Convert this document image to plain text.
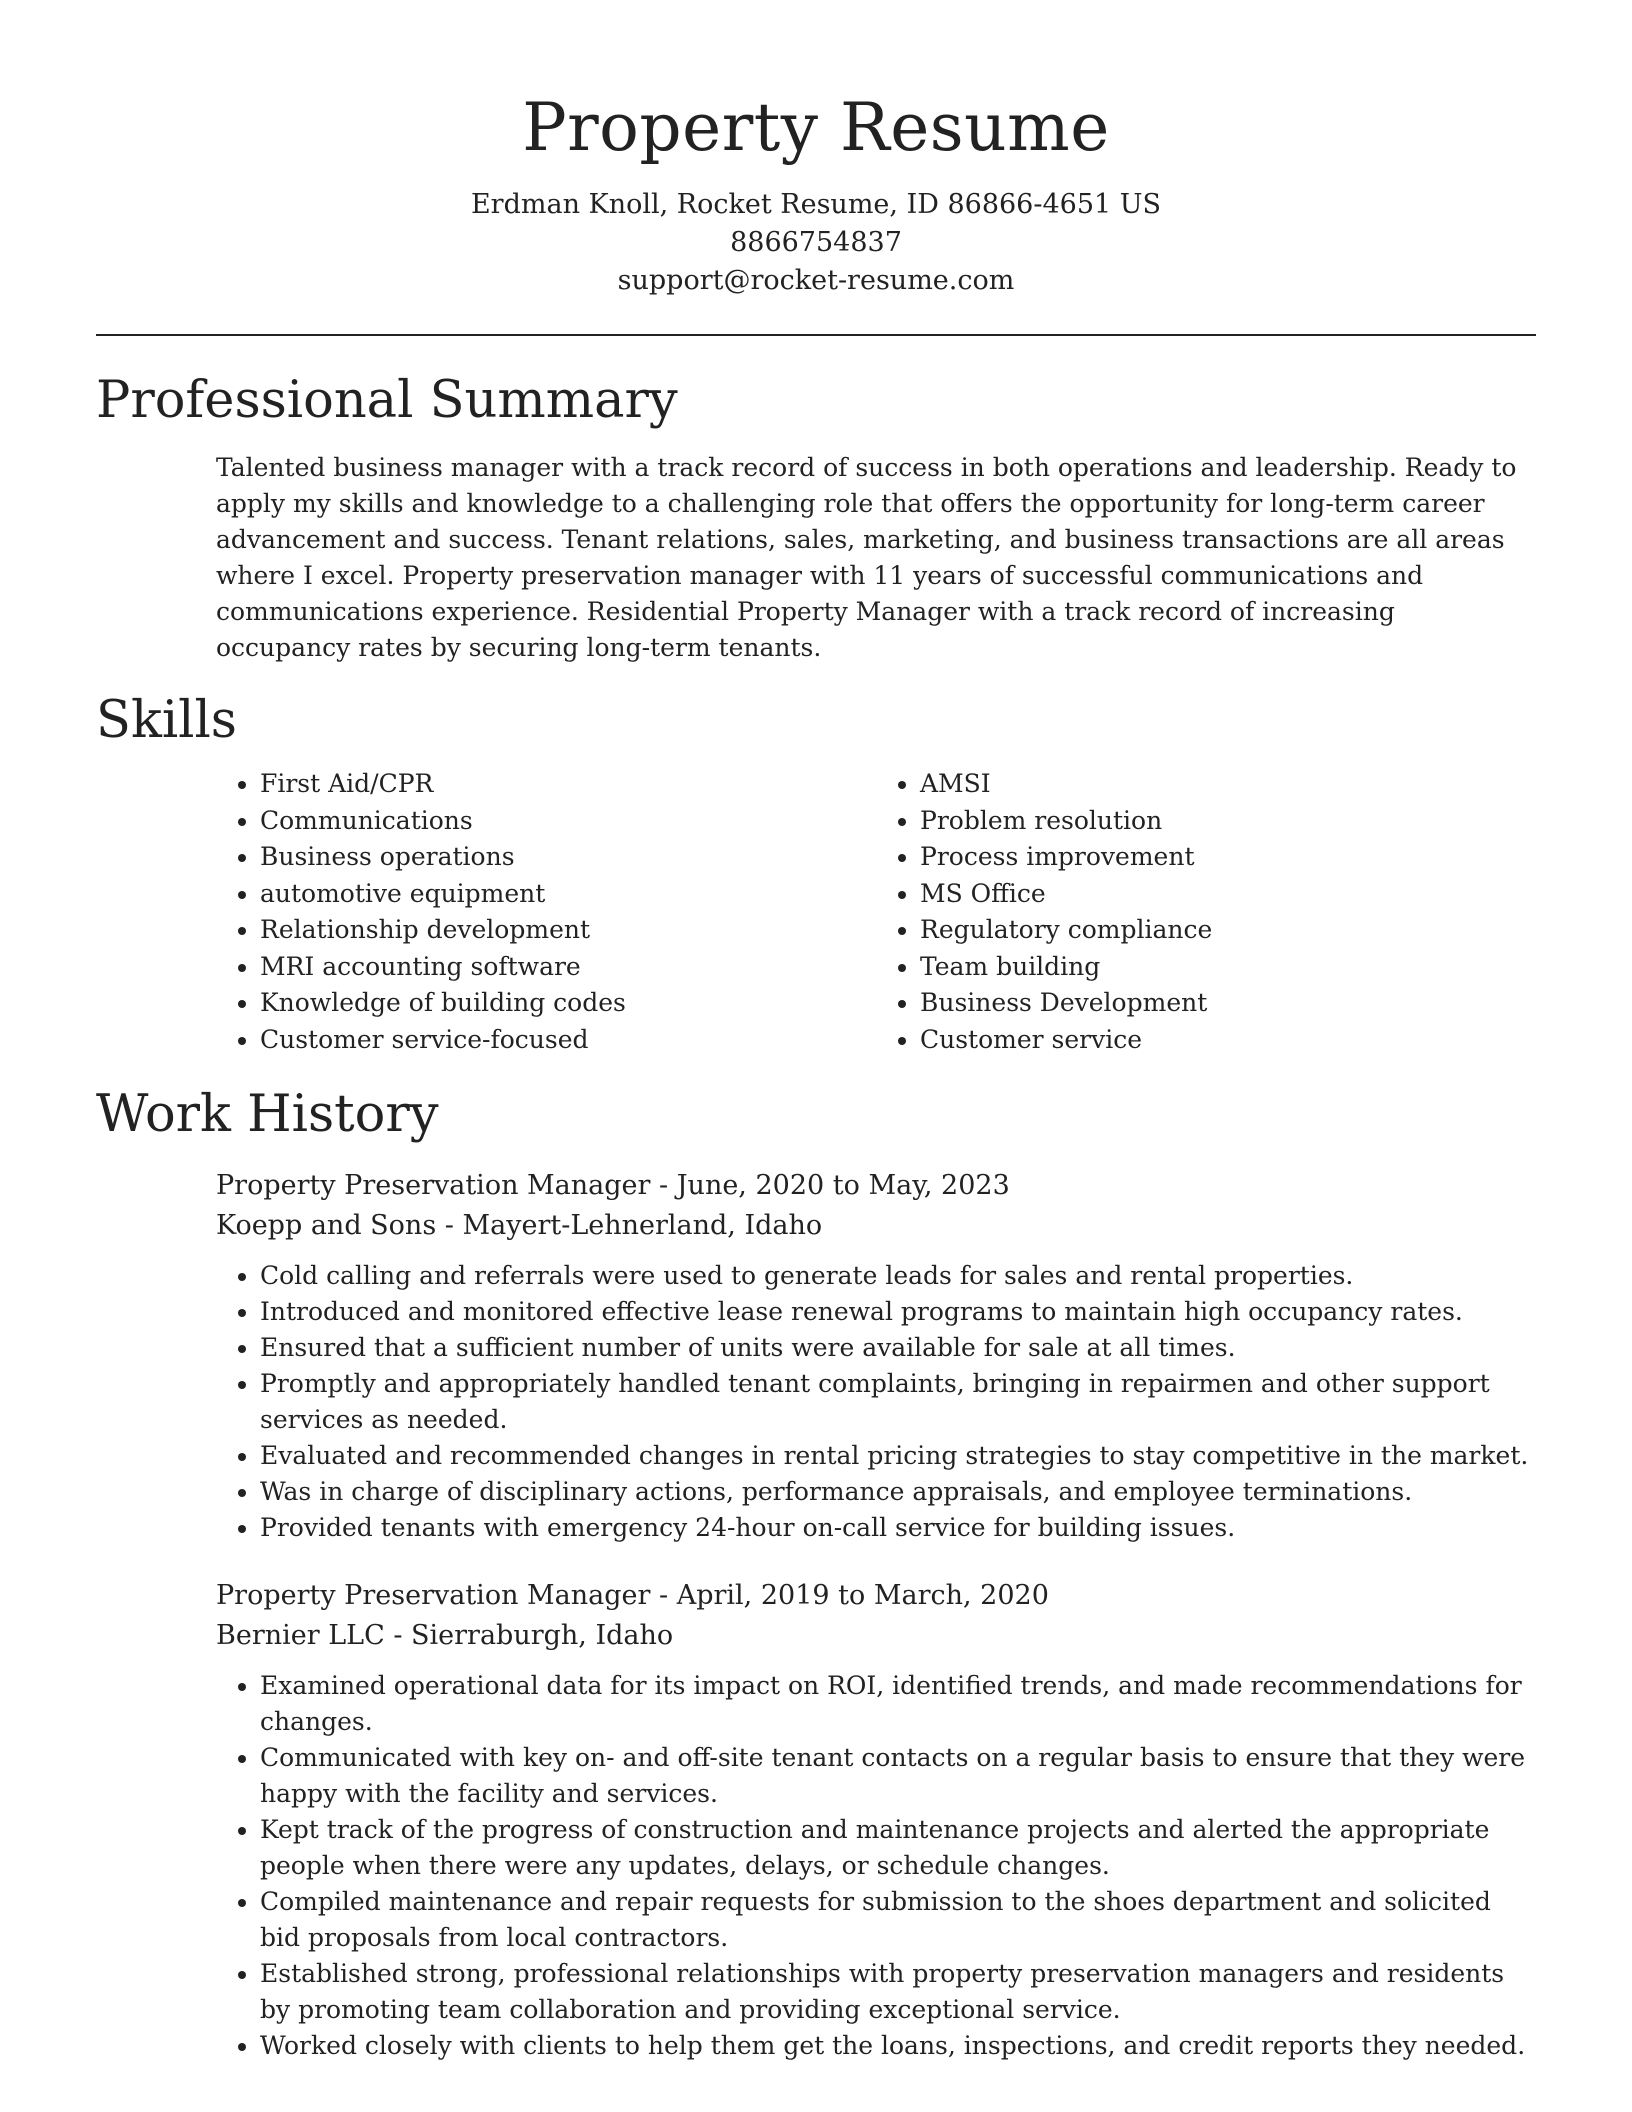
Property Resume
Erdman Knoll, Rocket Resume, ID 86866-4651 US
8866754837
support@rocket-resume.com
Professional Summary
Talented business manager with a track record of success in both operations and leadership. Ready to apply my skills and knowledge to a challenging role that offers the opportunity for long-term career advancement and success. Tenant relations, sales, marketing, and business transactions are all areas where I excel. Property preservation manager with 11 years of successful communications and communications experience. Residential Property Manager with a track record of increasing occupancy rates by securing long-term tenants.
Skills
• First Aid/CPR
• Communications
• Business operations
• automotive equipment
• Relationship development
• MRI accounting software
• Knowledge of building codes
• Customer service-focused
• AMSI
• Problem resolution
• Process improvement
• MS Office
• Regulatory compliance
• Team building
• Business Development
• Customer service
Work History
Property Preservation Manager - June, 2020 to May, 2023
Koepp and Sons - Mayert-Lehnerland, Idaho
• Cold calling and referrals were used to generate leads for sales and rental properties.
• Introduced and monitored effective lease renewal programs to maintain high occupancy rates.
• Ensured that a sufficient number of units were available for sale at all times.
• Promptly and appropriately handled tenant complaints, bringing in repairmen and other support services as needed.
• Evaluated and recommended changes in rental pricing strategies to stay competitive in the market.
• Was in charge of disciplinary actions, performance appraisals, and employee terminations.
• Provided tenants with emergency 24-hour on-call service for building issues.
Property Preservation Manager - April, 2019 to March, 2020
Bernier LLC - Sierraburgh, Idaho
• Examined operational data for its impact on ROI, identified trends, and made recommendations for changes.
• Communicated with key on- and off-site tenant contacts on a regular basis to ensure that they were happy with the facility and services.
• Kept track of the progress of construction and maintenance projects and alerted the appropriate people when there were any updates, delays, or schedule changes.
• Compiled maintenance and repair requests for submission to the shoes department and solicited bid proposals from local contractors.
• Established strong, professional relationships with property preservation managers and residents by promoting team collaboration and providing exceptional service.
• Worked closely with clients to help them get the loans, inspections, and credit reports they needed.
